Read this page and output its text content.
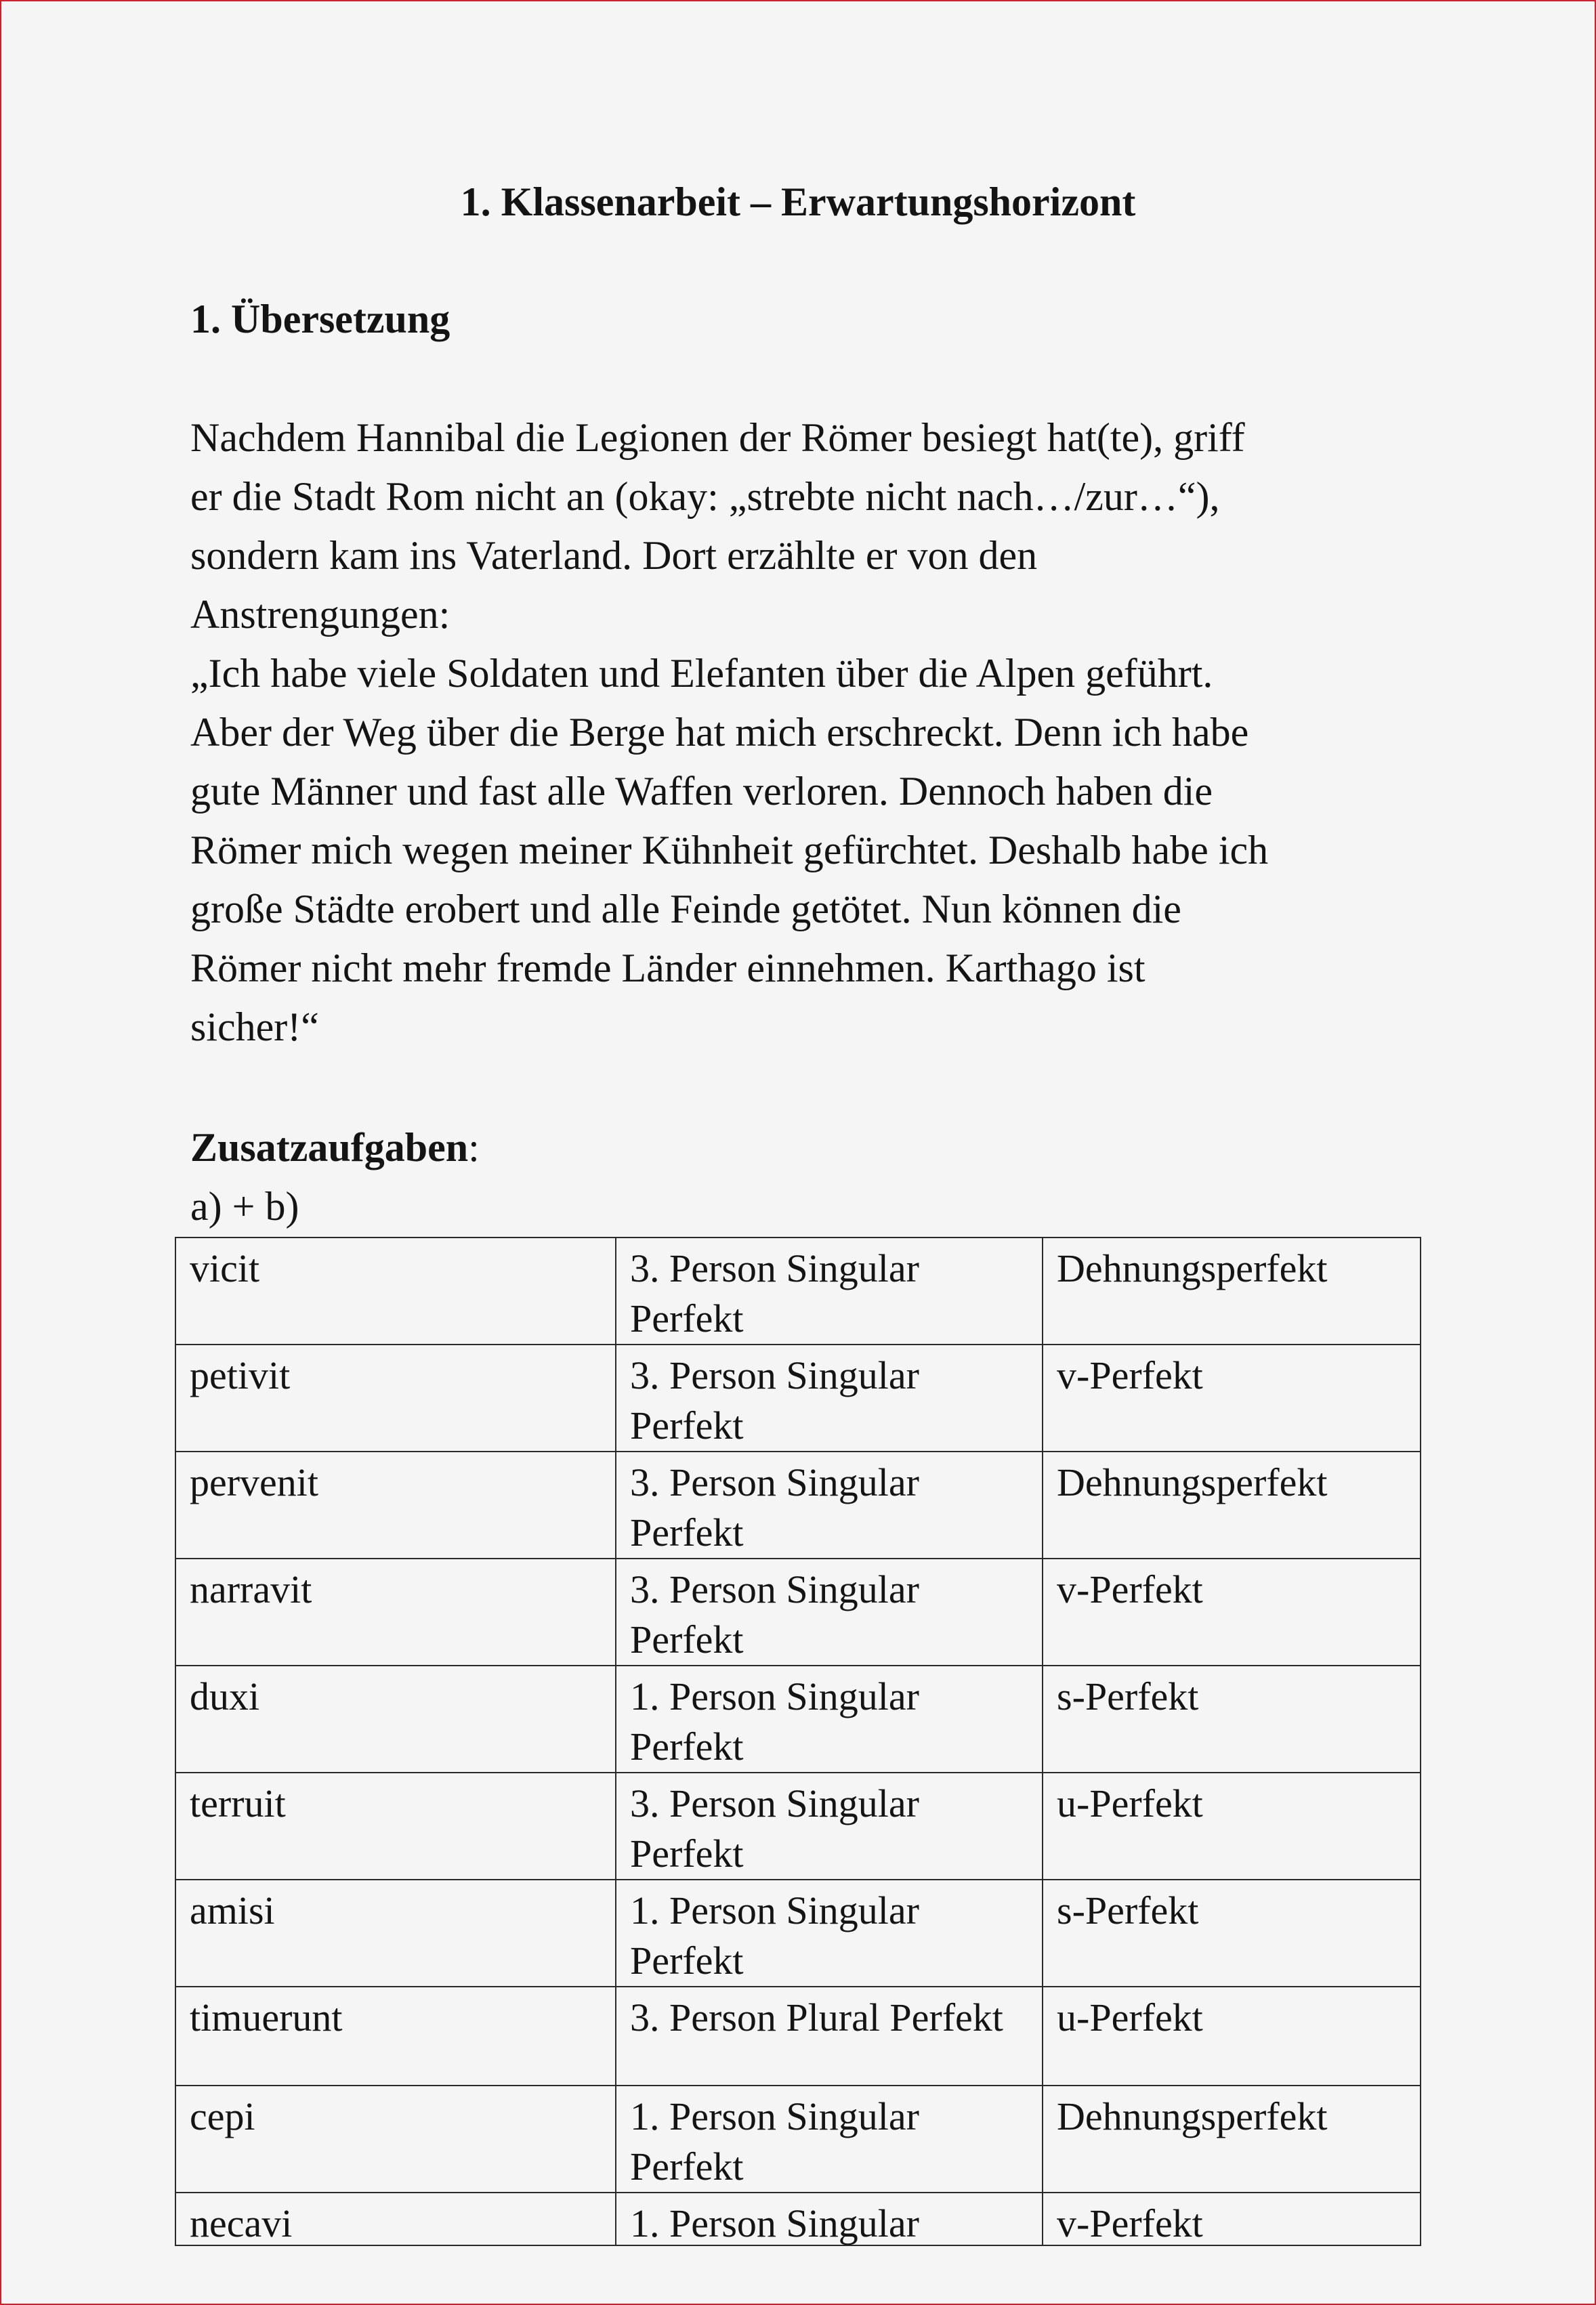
1. Klassenarbeit – Erwartungshorizont
1. Übersetzung
Nachdem Hannibal die Legionen der Römer besiegt hat(te), griff
er die Stadt Rom nicht an (okay: „strebte nicht nach…/zur…“),
sondern kam ins Vaterland. Dort erzählte er von den
Anstrengungen:
„Ich habe viele Soldaten und Elefanten über die Alpen geführt.
Aber der Weg über die Berge hat mich erschreckt. Denn ich habe
gute Männer und fast alle Waffen verloren. Dennoch haben die
Römer mich wegen meiner Kühnheit gefürchtet. Deshalb habe ich
große Städte erobert und alle Feinde getötet. Nun können die
Römer nicht mehr fremde Länder einnehmen. Karthago ist
sicher!“
Zusatzaufgaben:
a) + b)
vicit	3. Person Singular Perfekt	Dehnungsperfekt

petivit	3. Person Singular Perfekt	v-Perfekt

pervenit	3. Person Singular Perfekt	Dehnungsperfekt

narravit	3. Person Singular Perfekt	v-Perfekt

duxi	1. Person Singular Perfekt	s-Perfekt

terruit	3. Person Singular Perfekt	u-Perfekt

amisi	1. Person Singular Perfekt	s-Perfekt

timuerunt	3. Person Plural Perfekt	u-Perfekt

cepi	1. Person Singular Perfekt	Dehnungsperfekt

necavi	1. Person Singular	v-Perfekt
